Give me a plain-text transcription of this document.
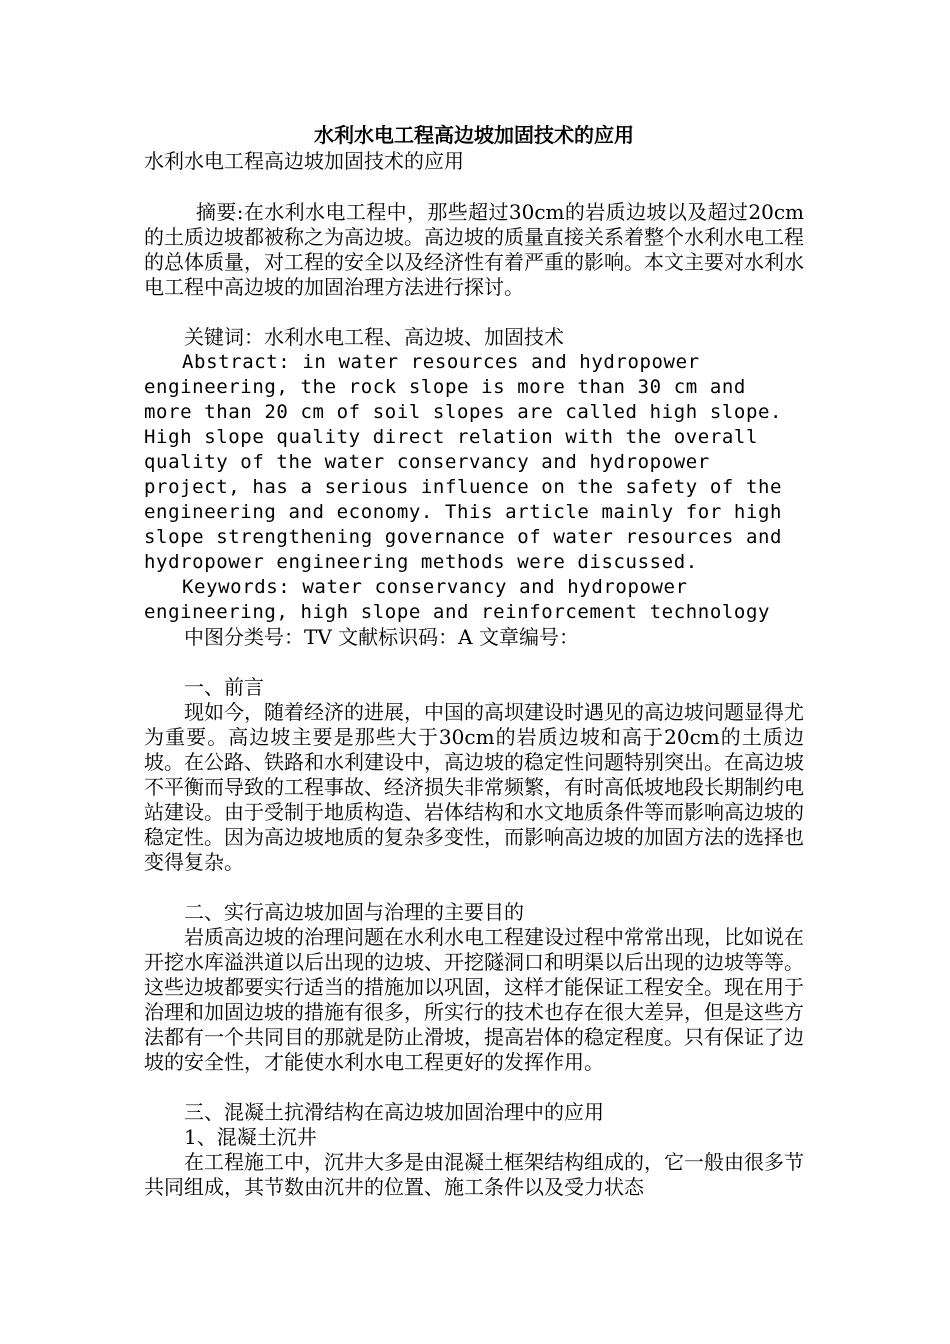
水利水电工程高边坡加固技术的应用

水利水电工程高边坡加固技术的应用

摘要:在水利水电工程中，那些超过30cm的岩质边坡以及超过20cm的土质边坡都被称之为高边坡。高边坡的质量直接关系着整个水利水电工程的总体质量，对工程的安全以及经济性有着严重的影响。本文主要对水利水电工程中高边坡的加固治理方法进行探讨。

关键词：水利水电工程、高边坡、加固技术

Abstract: in water resources and hydropower engineering, the rock slope is more than 30 cm and more than 20 cm of soil slopes are called high slope. High slope quality direct relation with the overall quality of the water conservancy and hydropower project, has a serious influence on the safety of the engineering and economy. This article mainly for high slope strengthening governance of water resources and hydropower engineering methods were discussed.

Keywords: water conservancy and hydropower engineering, high slope and reinforcement technology

中图分类号：TV 文献标识码：A 文章编号：

一、前言

现如今，随着经济的进展，中国的高坝建设时遇见的高边坡问题显得尤为重要。高边坡主要是那些大于30cm的岩质边坡和高于20cm的土质边坡。在公路、铁路和水利建设中，高边坡的稳定性问题特别突出。在高边坡不平衡而导致的工程事故、经济损失非常频繁，有时高低坡地段长期制约电站建设。由于受制于地质构造、岩体结构和水文地质条件等而影响高边坡的稳定性。因为高边坡地质的复杂多变性，而影响高边坡的加固方法的选择也变得复杂。

二、实行高边坡加固与治理的主要目的

岩质高边坡的治理问题在水利水电工程建设过程中常常出现，比如说在开挖水库溢洪道以后出现的边坡、开挖隧洞口和明渠以后出现的边坡等等。这些边坡都要实行适当的措施加以巩固，这样才能保证工程安全。现在用于治理和加固边坡的措施有很多，所实行的技术也存在很大差异，但是这些方法都有一个共同目的那就是防止滑坡，提高岩体的稳定程度。只有保证了边坡的安全性，才能使水利水电工程更好的发挥作用。

三、混凝土抗滑结构在高边坡加固治理中的应用

1、混凝土沉井

在工程施工中，沉井大多是由混凝土框架结构组成的，它一般由很多节共同组成，其节数由沉井的位置、施工条件以及受力状态
